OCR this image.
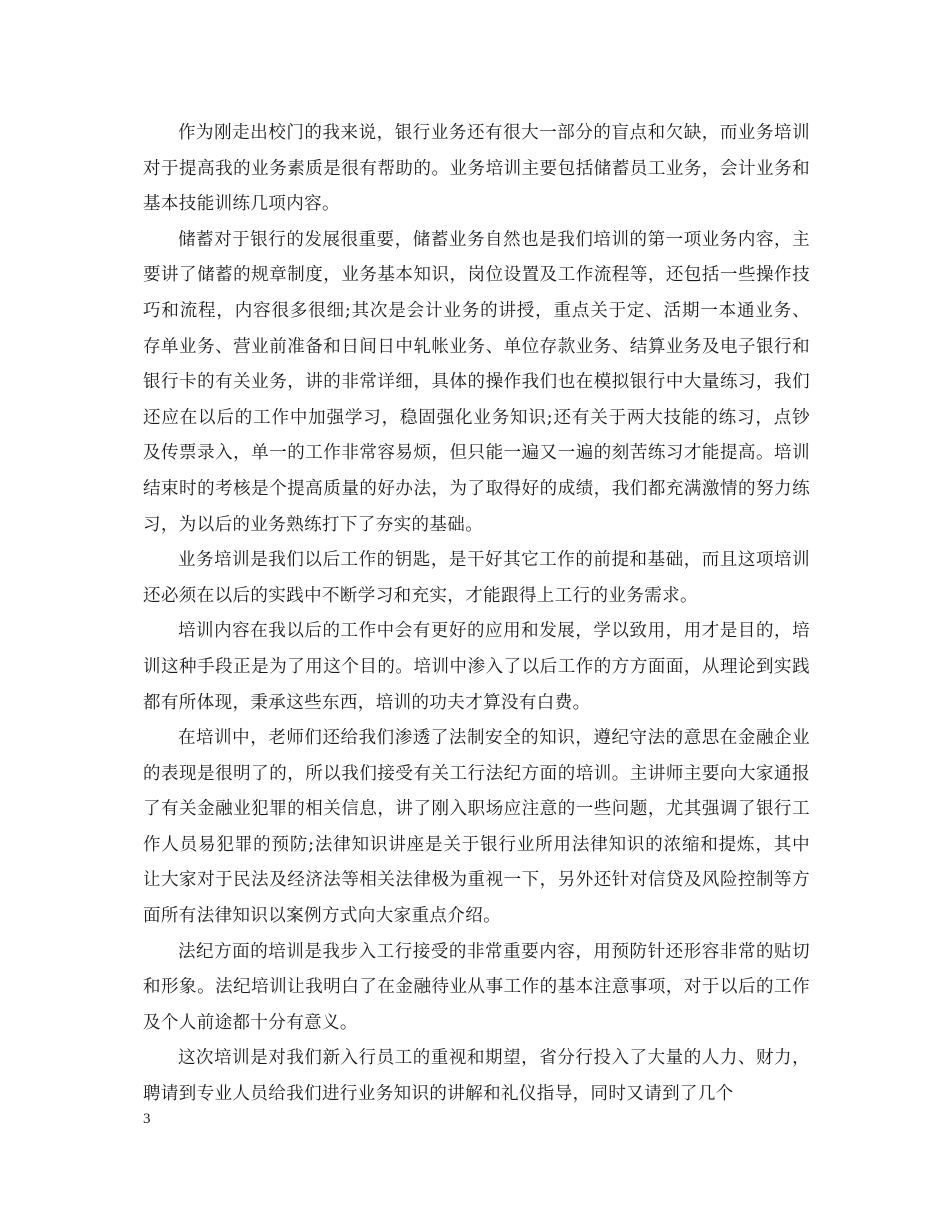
作为刚走出校门的我来说，银行业务还有很大一部分的盲点和欠缺，而业务培训对于提高我的业务素质是很有帮助的。业务培训主要包括储蓄员工业务，会计业务和基本技能训练几项内容。

储蓄对于银行的发展很重要，储蓄业务自然也是我们培训的第一项业务内容，主要讲了储蓄的规章制度，业务基本知识，岗位设置及工作流程等，还包括一些操作技巧和流程，内容很多很细;其次是会计业务的讲授，重点关于定、活期一本通业务、存单业务、营业前准备和日间日中轧帐业务、单位存款业务、结算业务及电子银行和银行卡的有关业务，讲的非常详细，具体的操作我们也在模拟银行中大量练习，我们还应在以后的工作中加强学习，稳固强化业务知识;还有关于两大技能的练习，点钞及传票录入，单一的工作非常容易烦，但只能一遍又一遍的刻苦练习才能提高。培训结束时的考核是个提高质量的好办法，为了取得好的成绩，我们都充满激情的努力练习，为以后的业务熟练打下了夯实的基础。

业务培训是我们以后工作的钥匙，是干好其它工作的前提和基础，而且这项培训还必须在以后的实践中不断学习和充实，才能跟得上工行的业务需求。

培训内容在我以后的工作中会有更好的应用和发展，学以致用，用才是目的，培训这种手段正是为了用这个目的。培训中渗入了以后工作的方方面面，从理论到实践都有所体现，秉承这些东西，培训的功夫才算没有白费。

在培训中，老师们还给我们渗透了法制安全的知识，遵纪守法的意思在金融企业的表现是很明了的，所以我们接受有关工行法纪方面的培训。主讲师主要向大家通报了有关金融业犯罪的相关信息，讲了刚入职场应注意的一些问题，尤其强调了银行工作人员易犯罪的预防;法律知识讲座是关于银行业所用法律知识的浓缩和提炼，其中让大家对于民法及经济法等相关法律极为重视一下，另外还针对信贷及风险控制等方面所有法律知识以案例方式向大家重点介绍。

法纪方面的培训是我步入工行接受的非常重要内容，用预防针还形容非常的贴切和形象。法纪培训让我明白了在金融待业从事工作的基本注意事项，对于以后的工作及个人前途都十分有意义。

这次培训是对我们新入行员工的重视和期望，省分行投入了大量的人力、财力，聘请到专业人员给我们进行业务知识的讲解和礼仪指导，同时又请到了几个

3
